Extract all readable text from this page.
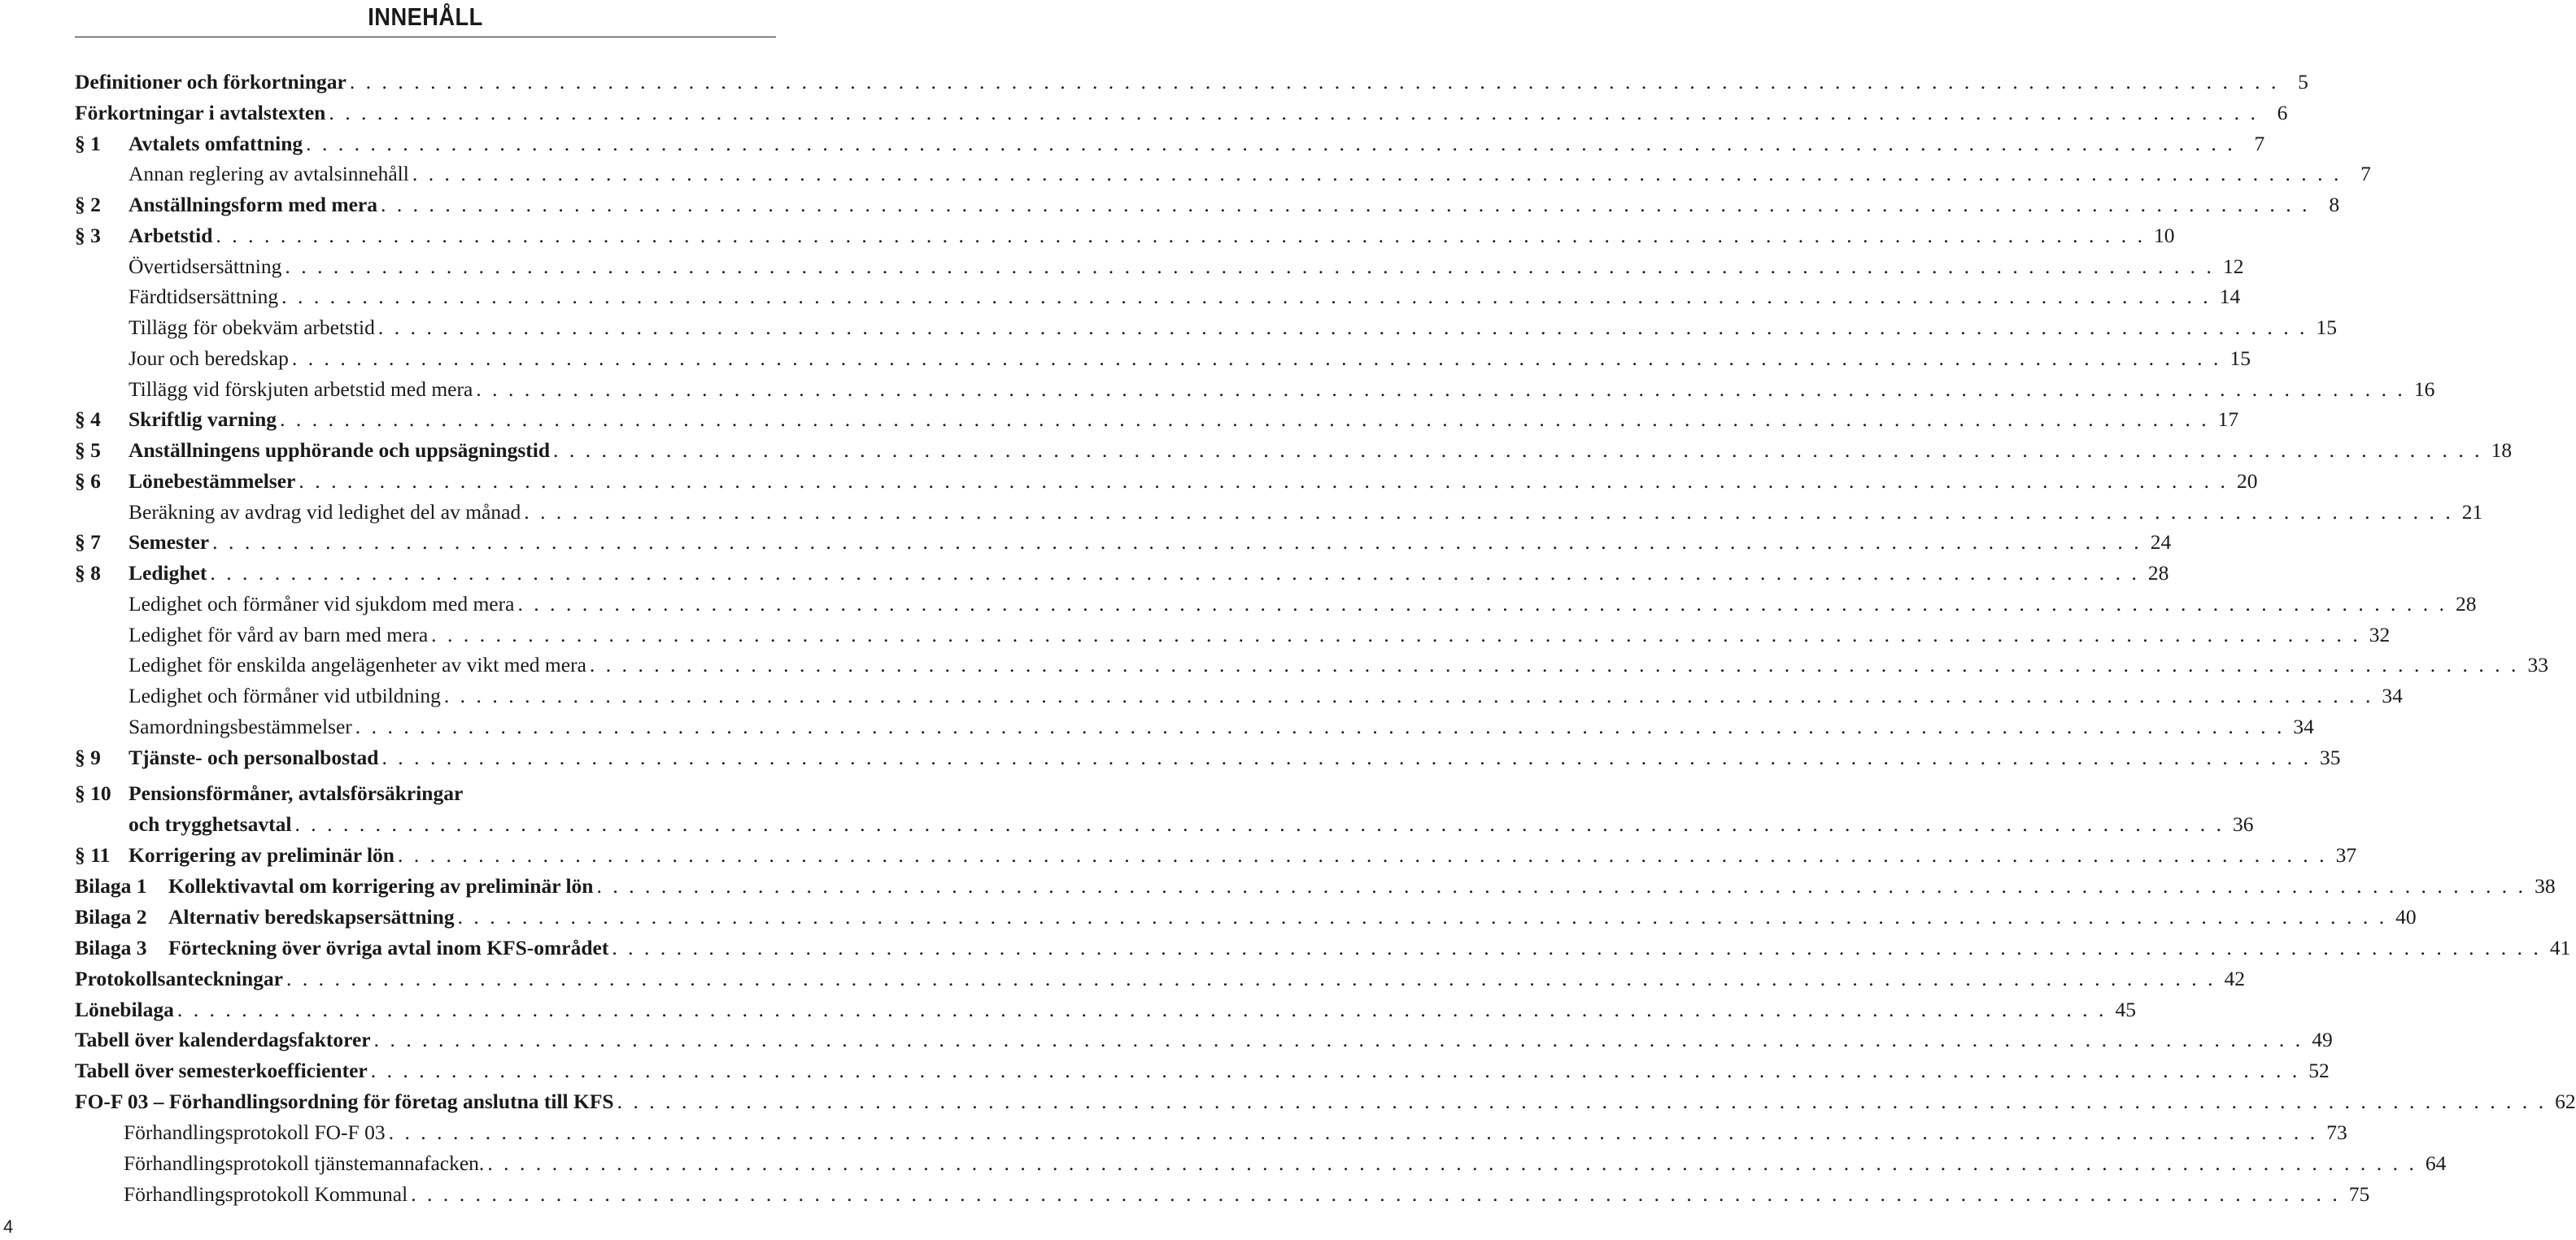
INNEHÅLL
Definitioner och förkortningar . . . . . . . . . . . . . . . . . . . . . . . . . . . . . . . . . . . . . . . . . . . . . . . . . . . . . . . . . . . . . . . . . . . . . . . . . . . . . . . . . . . . . . . . . . . . . . . . . . . . . . . . . . . . . . . . . . . . . . . . 5
Förkortningar i avtalstexten . . . . . . . . . . . . . . . . . . . . . . . . . . . . . . . . . . . . . . . . . . . . . . . . . . . . . . . . . . . . . . . . . . . . . . . . . . . . . . . . . . . . . . . . . . . . . . . . . . . . . . . . . . . . . . . . . . . . . . . . 6
§ 1	Avtalets omfattning . . . . . . . . . . . . . . . . . . . . . . . . . . . . . . . . . . . . . . . . . . . . . . . . . . . . . . . . . . . . . . . . . . . . . . . . . . . . . . . . . . . . . . . . . . . . . . . . . . . . . . . . . . . . . . . . . . . . . . . . 7
Annan reglering av avtalsinnehåll . . . . . . . . . . . . . . . . . . . . . . . . . . . . . . . . . . . . . . . . . . . . . . . . . . . . . . . . . . . . . . . . . . . . . . . . . . . . . . . . . . . . . . . . . . . . . . . . . . . . . . . . . . . . . . . . . . . . . . . . 7
§ 2	Anställningsform med mera . . . . . . . . . . . . . . . . . . . . . . . . . . . . . . . . . . . . . . . . . . . . . . . . . . . . . . . . . . . . . . . . . . . . . . . . . . . . . . . . . . . . . . . . . . . . . . . . . . . . . . . . . . . . . . . . . . . . . . . . 8
§ 3	Arbetstid . . . . . . . . . . . . . . . . . . . . . . . . . . . . . . . . . . . . . . . . . . . . . . . . . . . . . . . . . . . . . . . . . . . . . . . . . . . . . . . . . . . . . . . . . . . . . . . . . . . . . . . . . . . . . . . . . . . . . . . . 10
Övertidsersättning . . . . . . . . . . . . . . . . . . . . . . . . . . . . . . . . . . . . . . . . . . . . . . . . . . . . . . . . . . . . . . . . . . . . . . . . . . . . . . . . . . . . . . . . . . . . . . . . . . . . . . . . . . . . . . . . . . . . . . . . 12
Färdtidsersättning . . . . . . . . . . . . . . . . . . . . . . . . . . . . . . . . . . . . . . . . . . . . . . . . . . . . . . . . . . . . . . . . . . . . . . . . . . . . . . . . . . . . . . . . . . . . . . . . . . . . . . . . . . . . . . . . . . . . . . . . 14
Tillägg för obekväm arbetstid . . . . . . . . . . . . . . . . . . . . . . . . . . . . . . . . . . . . . . . . . . . . . . . . . . . . . . . . . . . . . . . . . . . . . . . . . . . . . . . . . . . . . . . . . . . . . . . . . . . . . . . . . . . . . . . . . . . . . . . . 15
Jour och beredskap . . . . . . . . . . . . . . . . . . . . . . . . . . . . . . . . . . . . . . . . . . . . . . . . . . . . . . . . . . . . . . . . . . . . . . . . . . . . . . . . . . . . . . . . . . . . . . . . . . . . . . . . . . . . . . . . . . . . . . . . 15
Tillägg vid förskjuten arbetstid med mera . . . . . . . . . . . . . . . . . . . . . . . . . . . . . . . . . . . . . . . . . . . . . . . . . . . . . . . . . . . . . . . . . . . . . . . . . . . . . . . . . . . . . . . . . . . . . . . . . . . . . . . . . . . . . . . . . . . . . . . . 16
§ 4	Skriftlig varning . . . . . . . . . . . . . . . . . . . . . . . . . . . . . . . . . . . . . . . . . . . . . . . . . . . . . . . . . . . . . . . . . . . . . . . . . . . . . . . . . . . . . . . . . . . . . . . . . . . . . . . . . . . . . . . . . . . . . . . . 17
§ 5	Anställningens upphörande och uppsägningstid . . . . . . . . . . . . . . . . . . . . . . . . . . . . . . . . . . . . . . . . . . . . . . . . . . . . . . . . . . . . . . . . . . . . . . . . . . . . . . . . . . . . . . . . . . . . . . . . . . . . . . . . . . . . . . . . . . . . . . . . 18
§ 6	Lönebestämmelser . . . . . . . . . . . . . . . . . . . . . . . . . . . . . . . . . . . . . . . . . . . . . . . . . . . . . . . . . . . . . . . . . . . . . . . . . . . . . . . . . . . . . . . . . . . . . . . . . . . . . . . . . . . . . . . . . . . . . . . . 20
Beräkning av avdrag vid ledighet del av månad . . . . . . . . . . . . . . . . . . . . . . . . . . . . . . . . . . . . . . . . . . . . . . . . . . . . . . . . . . . . . . . . . . . . . . . . . . . . . . . . . . . . . . . . . . . . . . . . . . . . . . . . . . . . . . . . . . . . . . . . 21
§ 7	Semester . . . . . . . . . . . . . . . . . . . . . . . . . . . . . . . . . . . . . . . . . . . . . . . . . . . . . . . . . . . . . . . . . . . . . . . . . . . . . . . . . . . . . . . . . . . . . . . . . . . . . . . . . . . . . . . . . . . . . . . . 24
§ 8	Ledighet . . . . . . . . . . . . . . . . . . . . . . . . . . . . . . . . . . . . . . . . . . . . . . . . . . . . . . . . . . . . . . . . . . . . . . . . . . . . . . . . . . . . . . . . . . . . . . . . . . . . . . . . . . . . . . . . . . . . . . . . 28
Ledighet och förmåner vid sjukdom med mera . . . . . . . . . . . . . . . . . . . . . . . . . . . . . . . . . . . . . . . . . . . . . . . . . . . . . . . . . . . . . . . . . . . . . . . . . . . . . . . . . . . . . . . . . . . . . . . . . . . . . . . . . . . . . . . . . . . . . . . . 28
Ledighet för vård av barn med mera . . . . . . . . . . . . . . . . . . . . . . . . . . . . . . . . . . . . . . . . . . . . . . . . . . . . . . . . . . . . . . . . . . . . . . . . . . . . . . . . . . . . . . . . . . . . . . . . . . . . . . . . . . . . . . . . . . . . . . . . 32
Ledighet för enskilda angelägenheter av vikt med mera . . . . . . . . . . . . . . . . . . . . . . . . . . . . . . . . . . . . . . . . . . . . . . . . . . . . . . . . . . . . . . . . . . . . . . . . . . . . . . . . . . . . . . . . . . . . . . . . . . . . . . . . . . . . . . . . . . . . . . . . 33
Ledighet och förmåner vid utbildning . . . . . . . . . . . . . . . . . . . . . . . . . . . . . . . . . . . . . . . . . . . . . . . . . . . . . . . . . . . . . . . . . . . . . . . . . . . . . . . . . . . . . . . . . . . . . . . . . . . . . . . . . . . . . . . . . . . . . . . . 34
Samordningsbestämmelser . . . . . . . . . . . . . . . . . . . . . . . . . . . . . . . . . . . . . . . . . . . . . . . . . . . . . . . . . . . . . . . . . . . . . . . . . . . . . . . . . . . . . . . . . . . . . . . . . . . . . . . . . . . . . . . . . . . . . . . . 34
§ 9	Tjänste- och personalbostad . . . . . . . . . . . . . . . . . . . . . . . . . . . . . . . . . . . . . . . . . . . . . . . . . . . . . . . . . . . . . . . . . . . . . . . . . . . . . . . . . . . . . . . . . . . . . . . . . . . . . . . . . . . . . . . . . . . . . . . . 35
§ 10 Pensionsförmåner, avtalsförsäkringar
och trygghetsavtal . . . . . . . . . . . . . . . . . . . . . . . . . . . . . . . . . . . . . . . . . . . . . . . . . . . . . . . . . . . . . . . . . . . . . . . . . . . . . . . . . . . . . . . . . . . . . . . . . . . . . . . . . . . . . . . . . . . . . . . . 36
§ 11 Korrigering av preliminär lön . . . . . . . . . . . . . . . . . . . . . . . . . . . . . . . . . . . . . . . . . . . . . . . . . . . . . . . . . . . . . . . . . . . . . . . . . . . . . . . . . . . . . . . . . . . . . . . . . . . . . . . . . . . . . . . . . . . . . . . . 37
Bilaga 1	Kollektivavtal om korrigering av preliminär lön . . . . . . . . . . . . . . . . . . . . . . . . . . . . . . . . . . . . . . . . . . . . . . . . . . . . . . . . . . . . . . . . . . . . . . . . . . . . . . . . . . . . . . . . . . . . . . . . . . . . . . . . . . . . . . . . . . . . . . . . 38
Bilaga 2	Alternativ beredskapsersättning . . . . . . . . . . . . . . . . . . . . . . . . . . . . . . . . . . . . . . . . . . . . . . . . . . . . . . . . . . . . . . . . . . . . . . . . . . . . . . . . . . . . . . . . . . . . . . . . . . . . . . . . . . . . . . . . . . . . . . . . 40
Bilaga 3	Förteckning över övriga avtal inom KFS-området . . . . . . . . . . . . . . . . . . . . . . . . . . . . . . . . . . . . . . . . . . . . . . . . . . . . . . . . . . . . . . . . . . . . . . . . . . . . . . . . . . . . . . . . . . . . . . . . . . . . . . . . . . . . . . . . . . . . . . . . 41
Protokollsanteckningar . . . . . . . . . . . . . . . . . . . . . . . . . . . . . . . . . . . . . . . . . . . . . . . . . . . . . . . . . . . . . . . . . . . . . . . . . . . . . . . . . . . . . . . . . . . . . . . . . . . . . . . . . . . . . . . . . . . . . . . . 42
Lönebilaga . . . . . . . . . . . . . . . . . . . . . . . . . . . . . . . . . . . . . . . . . . . . . . . . . . . . . . . . . . . . . . . . . . . . . . . . . . . . . . . . . . . . . . . . . . . . . . . . . . . . . . . . . . . . . . . . . . . . . . . . 45
Tabell över kalenderdagsfaktorer . . . . . . . . . . . . . . . . . . . . . . . . . . . . . . . . . . . . . . . . . . . . . . . . . . . . . . . . . . . . . . . . . . . . . . . . . . . . . . . . . . . . . . . . . . . . . . . . . . . . . . . . . . . . . . . . . . . . . . . . 49
Tabell över semesterkoefficienter . . . . . . . . . . . . . . . . . . . . . . . . . . . . . . . . . . . . . . . . . . . . . . . . . . . . . . . . . . . . . . . . . . . . . . . . . . . . . . . . . . . . . . . . . . . . . . . . . . . . . . . . . . . . . . . . . . . . . . . . 52
FO-F 03 – Förhandlingsordning för företag anslutna till KFS . . . . . . . . . . . . . . . . . . . . . . . . . . . . . . . . . . . . . . . . . . . . . . . . . . . . . . . . . . . . . . . . . . . . . . . . . . . . . . . . . . . . . . . . . . . . . . . . . . . . . . . . . . . . . . . . . . . . . . . . 62
Förhandlingsprotokoll FO-F 03 . . . . . . . . . . . . . . . . . . . . . . . . . . . . . . . . . . . . . . . . . . . . . . . . . . . . . . . . . . . . . . . . . . . . . . . . . . . . . . . . . . . . . . . . . . . . . . . . . . . . . . . . . . . . . . . . . . . . . . . . 73
Förhandlingsprotokoll tjänstemannafacken. . . . . . . . . . . . . . . . . . . . . . . . . . . . . . . . . . . . . . . . . . . . . . . . . . . . . . . . . . . . . . . . . . . . . . . . . . . . . . . . . . . . . . . . . . . . . . . . . . . . . . . . . . . . . . . . . . . . . . . . . 64
Förhandlingsprotokoll Kommunal . . . . . . . . . . . . . . . . . . . . . . . . . . . . . . . . . . . . . . . . . . . . . . . . . . . . . . . . . . . . . . . . . . . . . . . . . . . . . . . . . . . . . . . . . . . . . . . . . . . . . . . . . . . . . . . . . . . . . . . . 75
4
